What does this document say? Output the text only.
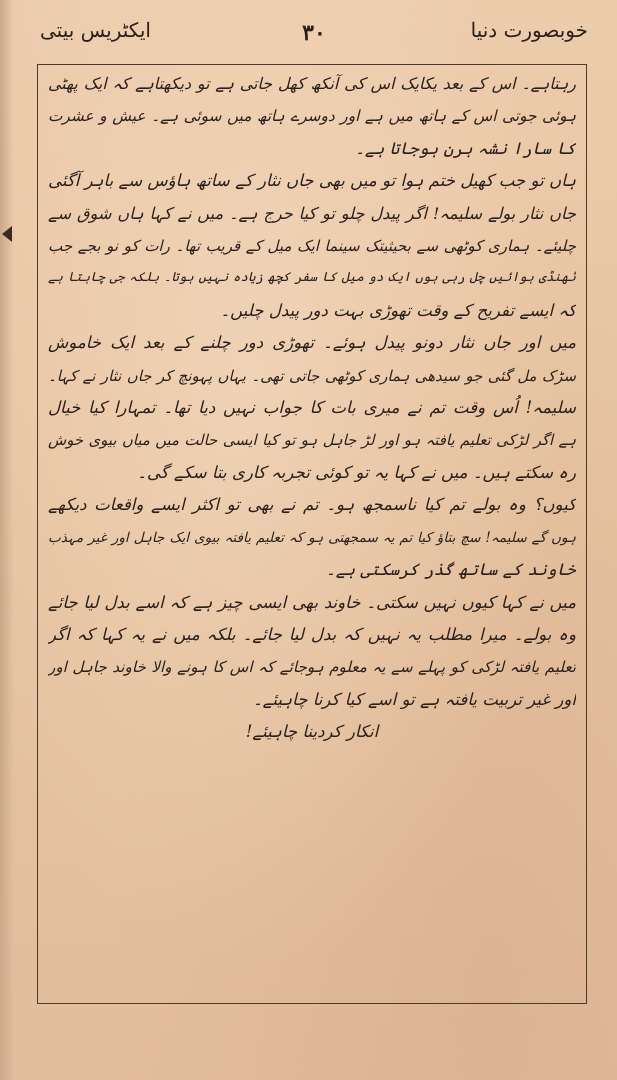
خوبصورت دنیا
۳۰
ایکٹریس بیتی
رہتاہے۔ اس کے بعد یکایک اس کی آنکھ کھل جاتی ہے تو دیکھتاہے کہ ایک پھٹی
ہوئی جوتی اس کے ہاتھ میں ہے اور دوسرے ہاتھ میں سوئی ہے۔ عیش و عشرت
کا سارا نشہ ہرن ہوجاتا ہے۔
ہاں تو جب کھیل ختم ہوا تو میں بھی جاں نثار کے ساتھ ہاؤس سے باہر آگئی
جاں نثار بولے سلیمہ! اگر پیدل چلو تو کیا حرج ہے۔ میں نے کہا ہاں شوق سے
چلیئے۔ ہماری کوٹھی سے بحیثیتک سینما ایک میل کے قریب تھا۔ رات کو نو بجے جب
ٹھنڈی ہوائیں چل رہی ہوں ایک دو میل کا سفر کچھ زیادہ نہیں ہوتا۔ بلکہ جی چاہتا ہے
کہ ایسے تفریح کے وقت تھوڑی بہت دور پیدل چلیں۔
میں اور جاں نثار دونو پیدل ہوئے۔ تھوڑی دور چلنے کے بعد ایک خاموش
سڑک مل گئی جو سیدھی ہماری کوٹھی جاتی تھی۔ یہاں پہونچ کر جاں نثار نے کہا۔
سلیمہ! اُس وقت تم نے میری بات کا جواب نہیں دیا تھا۔ تمہارا کیا خیال
ہے اگر لڑکی تعلیم یافتہ ہو اور لڑ جاہل ہو تو کیا ایسی حالت میں میاں بیوی خوش
رہ سکتے ہیں۔ میں نے کہا یہ تو کوئی تجربہ کاری بتا سکے گی۔
کیوں؟ وہ بولے تم کیا ناسمجھ ہو۔ تم نے بھی تو اکثر ایسے واقعات دیکھے
ہوں گے سلیمہ! سچ بتاؤ کیا تم یہ سمجھتی ہو کہ تعلیم یافتہ بیوی ایک جاہل اور غیر مہذب
خاوند کے ساتھ گذر کرسکتی ہے۔
میں نے کہا کیوں نہیں سکتی۔ خاوند بھی ایسی چیز ہے کہ اسے بدل لیا جائے
وہ بولے۔ میرا مطلب یہ نہیں کہ بدل لیا جائے۔ بلکہ میں نے یہ کہا کہ اگر
تعلیم یافتہ لڑکی کو پہلے سے یہ معلوم ہوجائے کہ اس کا ہونے والا خاوند جاہل اور
اور غیر تربیت یافتہ ہے تو اسے کیا کرنا چاہیئے۔
انکار کردینا چاہیئے!
